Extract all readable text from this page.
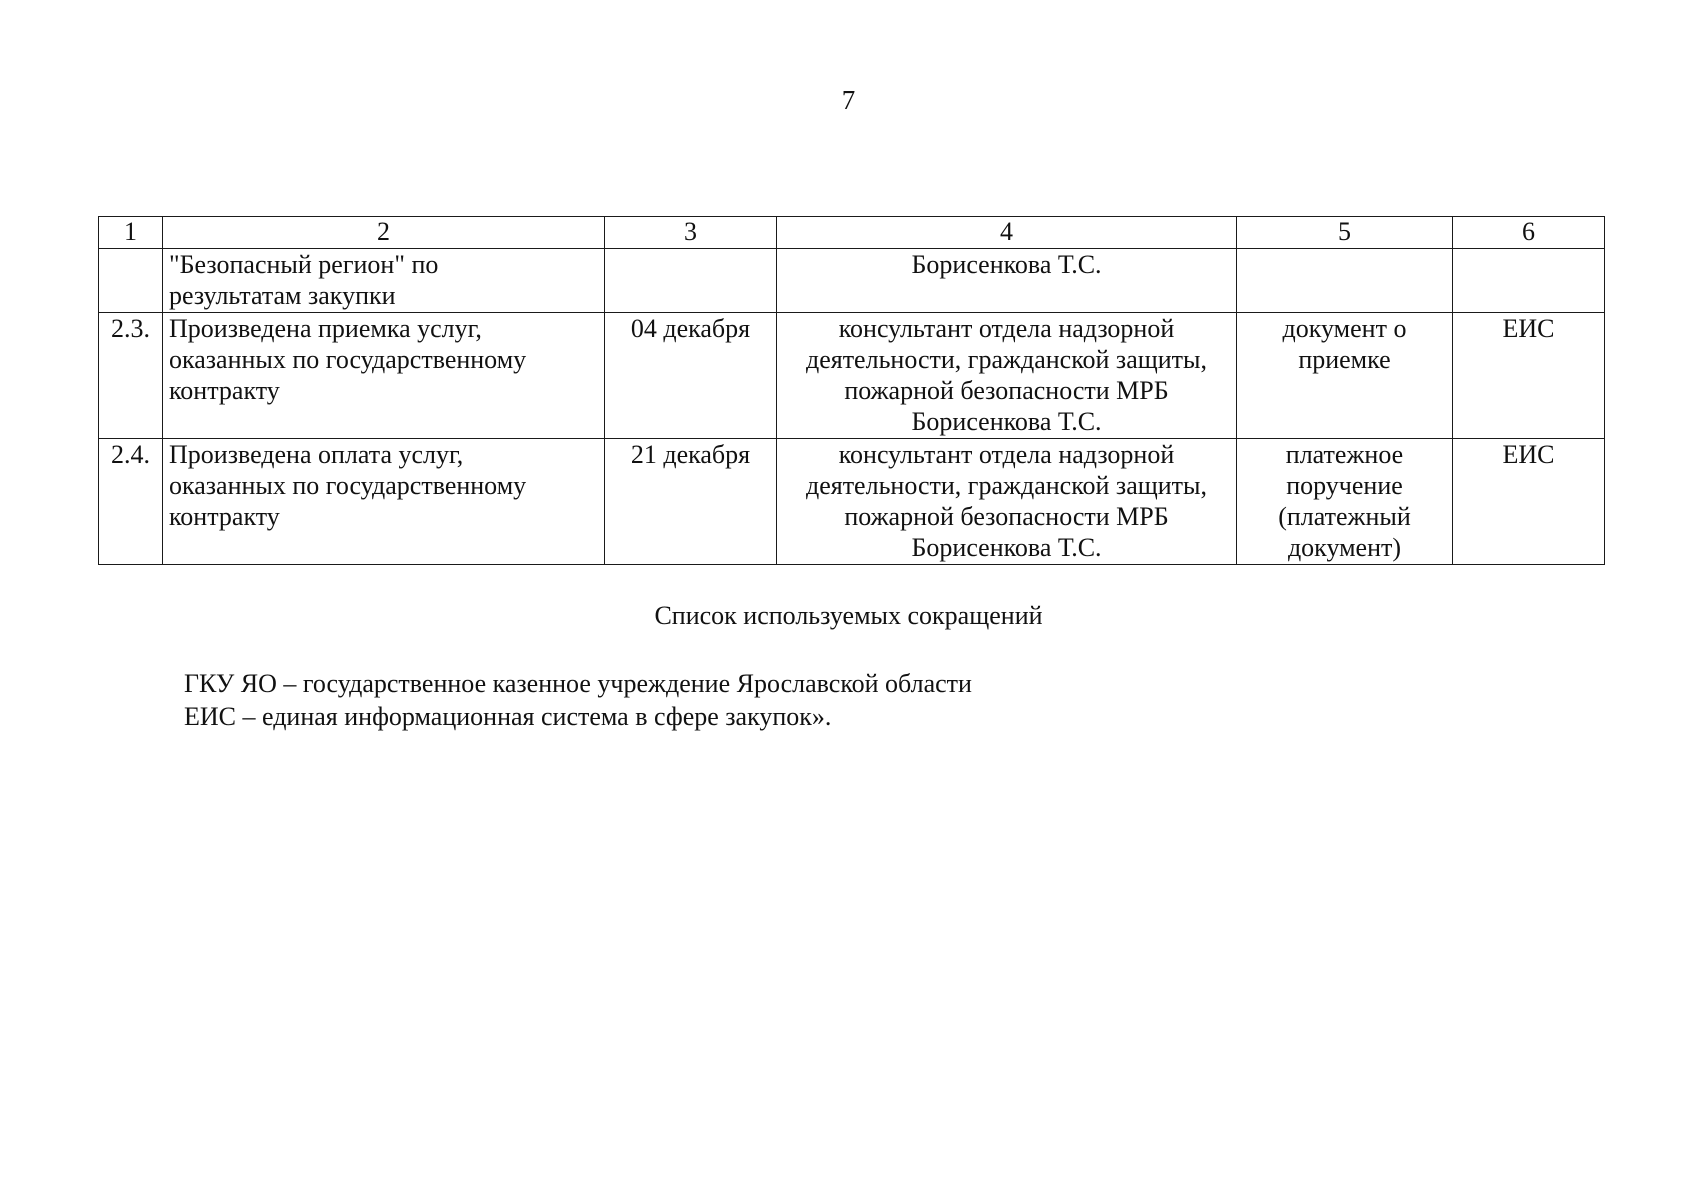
7
1	2	3	4	5	6

	"Безопасный регион" по
результатам закупки		Борисенкова Т.С.		

2.3.	Произведена приемка услуг,
оказанных по государственному
контракту	04 декабря	консультант отдела надзорной
деятельности, гражданской защиты,
пожарной безопасности МРБ
Борисенкова Т.С.	документ о
приемке	ЕИС
2.4.	Произведена оплата услуг,
оказанных по государственному
контракту	21 декабря	консультант отдела надзорной
деятельности, гражданской защиты,
пожарной безопасности МРБ
Борисенкова Т.С.	платежное
поручение
(платежный
документ)	ЕИС
Список используемых сокращений
ГКУ ЯО – государственное казенное учреждение Ярославской области
ЕИС – единая информационная система в сфере закупок».
